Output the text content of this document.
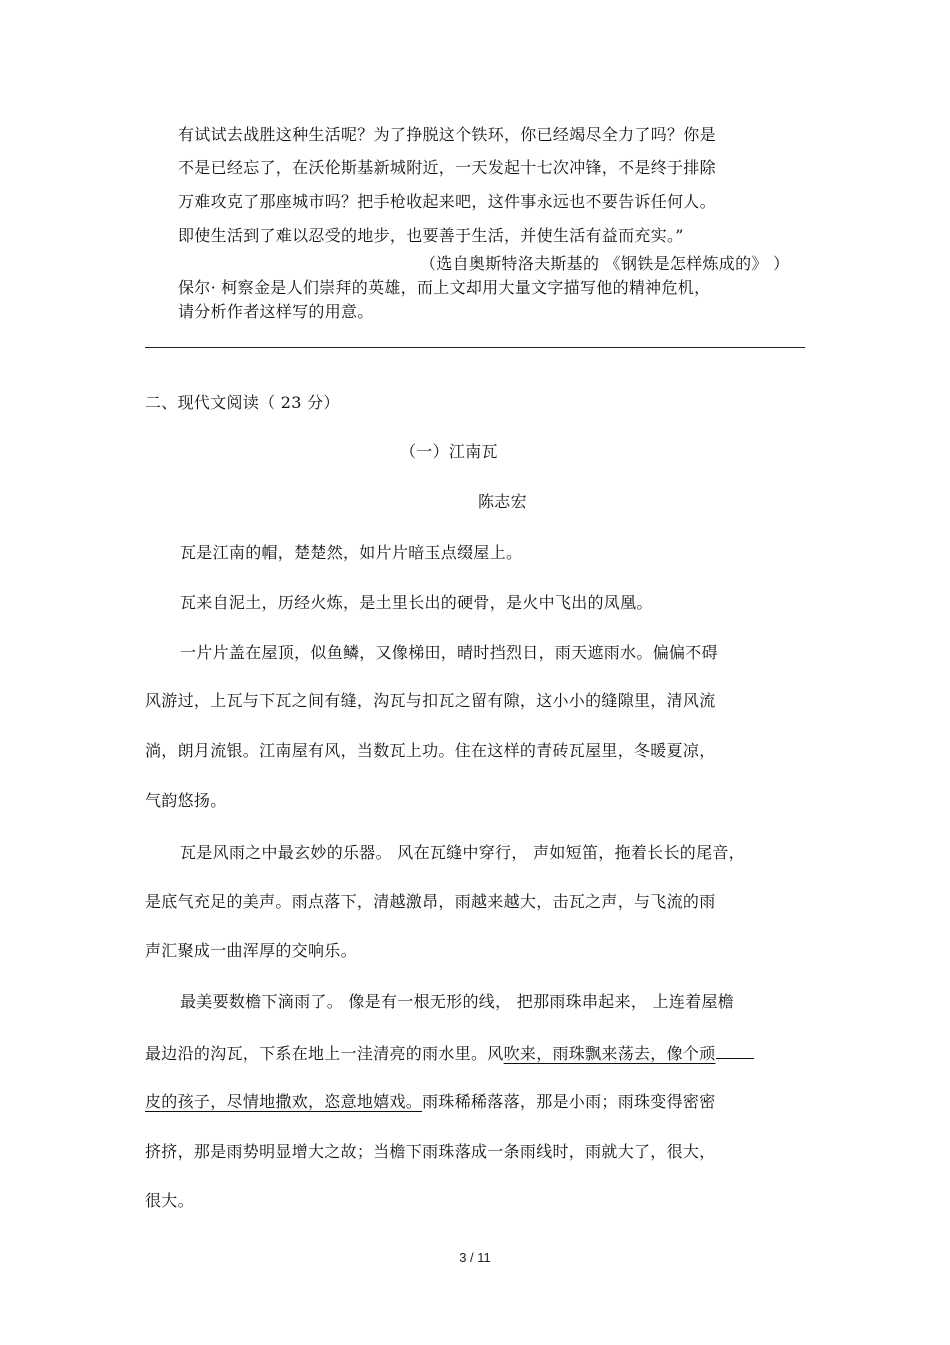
有试试去战胜这种生活呢？为了挣脱这个铁环，你已经竭尽全力了吗？你是
不是已经忘了，在沃伦斯基新城附近，一天发起十七次冲锋，不是终于排除
万难攻克了那座城市吗？把手枪收起来吧，这件事永远也不要告诉任何人。
即使生活到了难以忍受的地步，也要善于生活，并使生活有益而充实。”
（选自奥斯特洛夫斯基的 《钢铁是怎样炼成的》 ）
保尔· 柯察金是人们崇拜的英雄，而上文却用大量文字描写他的精神危机，
请分析作者这样写的用意。
二、现代文阅读（ 23 分）
（一）江南瓦
陈志宏
瓦是江南的帽，楚楚然，如片片暗玉点缀屋上。
瓦来自泥土，历经火炼，是土里长出的硬骨，是火中飞出的凤凰。
一片片盖在屋顶，似鱼鳞，又像梯田，晴时挡烈日，雨天遮雨水。偏偏不碍
风游过，上瓦与下瓦之间有缝，沟瓦与扣瓦之留有隙，这小小的缝隙里，清风流
淌，朗月流银。江南屋有风，当数瓦上功。住在这样的青砖瓦屋里，冬暖夏凉，
气韵悠扬。
瓦是风雨之中最玄妙的乐器。 风在瓦缝中穿行， 声如短笛，拖着长长的尾音，
是底气充足的美声。雨点落下，清越激昂，雨越来越大，击瓦之声，与飞流的雨
声汇聚成一曲浑厚的交响乐。
最美要数檐下滴雨了。 像是有一根无形的线， 把那雨珠串起来， 上连着屋檐
最边沿的沟瓦，下系在地上一洼清亮的雨水里。风吹来，雨珠飘来荡去，像个顽
皮的孩子，尽情地撒欢，恣意地嬉戏。雨珠稀稀落落，那是小雨；雨珠变得密密
挤挤，那是雨势明显增大之故；当檐下雨珠落成一条雨线时，雨就大了，很大，
很大。
3 / 11
